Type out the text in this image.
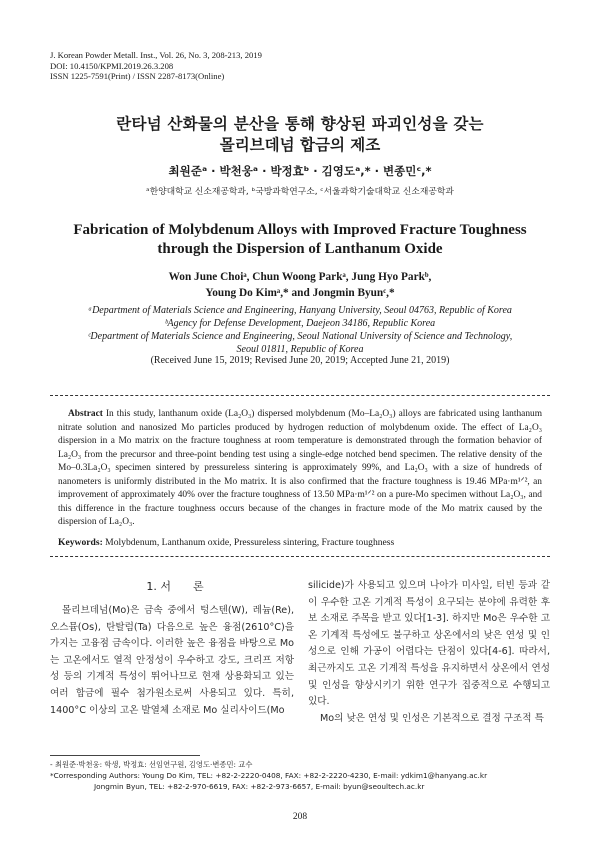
J. Korean Powder Metall. Inst., Vol. 26, No. 3, 208-213, 2019
DOI: 10.4150/KPMI.2019.26.3.208
ISSN 1225-7591(Print) / ISSN 2287-8173(Online)
란타넘 산화물의 분산을 통해 향상된 파괴인성을 갖는
몰리브데넘 합금의 제조
최원준ᵃ · 박천웅ᵃ · 박정효ᵇ · 김영도ᵃ,* · 변종민ᶜ,*
ᵃ한양대학교 신소재공학과, ᵇ국방과학연구소, ᶜ서울과학기술대학교 신소재공학과
Fabrication of Molybdenum Alloys with Improved Fracture Toughness
through the Dispersion of Lanthanum Oxide
Won June Choiᵃ, Chun Woong Parkᵃ, Jung Hyo Parkᵇ,
Young Do Kimᵃ,* and Jongmin Byunᶜ,*
ᵃDepartment of Materials Science and Engineering, Hanyang University, Seoul 04763, Republic of Korea
ᵇAgency for Defense Development, Daejeon 34186, Republic Korea
ᶜDepartment of Materials Science and Engineering, Seoul National University of Science and Technology,
Seoul 01811, Republic of Korea
(Received June 15, 2019; Revised June 20, 2019; Accepted June 21, 2019)
Abstract In this study, lanthanum oxide (La₂O₃) dispersed molybdenum (Mo–La₂O₃) alloys are fabricated using lanthanum nitrate solution and nanosized Mo particles produced by hydrogen reduction of molybdenum oxide. The effect of La₂O₃ dispersion in a Mo matrix on the fracture toughness at room temperature is demonstrated through the formation behavior of La₂O₃ from the precursor and three-point bending test using a single-edge notched bend specimen. The relative density of the Mo–0.3La₂O₃ specimen sintered by pressureless sintering is approximately 99%, and La₂O₃ with a size of hundreds of nanometers is uniformly distributed in the Mo matrix. It is also confirmed that the fracture toughness is 19.46 MPa·m¹ᐟ², an improvement of approximately 40% over the fracture toughness of 13.50 MPa·m¹ᐟ² on a pure-Mo specimen without La₂O₃, and this difference in the fracture toughness occurs because of the changes in fracture mode of the Mo matrix caused by the dispersion of La₂O₃.
Keywords: Molybdenum, Lanthanum oxide, Pressureless sintering, Fracture toughness
1. 서　　론
몰리브데넘(Mo)은 금속 중에서 텅스텐(W), 레늄(Re), 오스뮴(Os), 탄탈럼(Ta) 다음으로 높은 융점(2610°C)을 가지는 고융점 금속이다. 이러한 높은 융점을 바탕으로 Mo는 고온에서도 열적 안정성이 우수하고 강도, 크리프 저항성 등의 기계적 특성이 뛰어나므로 현재 상용화되고 있는 여러 합금에 필수 첨가원소로써 사용되고 있다. 특히, 1400°C 이상의 고온 발열체 소재로 Mo 실리사이드(Mo

silicide)가 사용되고 있으며 나아가 미사일, 터빈 등과 같이 우수한 고온 기계적 특성이 요구되는 분야에 유력한 후보 소재로 주목을 받고 있다[1-3]. 하지만 Mo은 우수한 고온 기계적 특성에도 불구하고 상온에서의 낮은 연성 및 인성으로 인해 가공이 어렵다는 단점이 있다[4-6]. 따라서, 최근까지도 고온 기계적 특성을 유지하면서 상온에서 연성 및 인성을 향상시키기 위한 연구가 집중적으로 수행되고 있다.

Mo의 낮은 연성 및 인성은 기본적으로 결정 구조적 특

- 최원준·박천웅: 학생, 박정효: 선임연구원, 김영도·변종민: 교수
*Corresponding Authors: Young Do Kim, TEL: +82-2-2220-0408, FAX: +82-2-2220-4230, E-mail: ydkim1@hanyang.ac.kr
Jongmin Byun, TEL: +82-2-970-6619, FAX: +82-2-973-6657, E-mail: byun@seoultech.ac.kr
208
